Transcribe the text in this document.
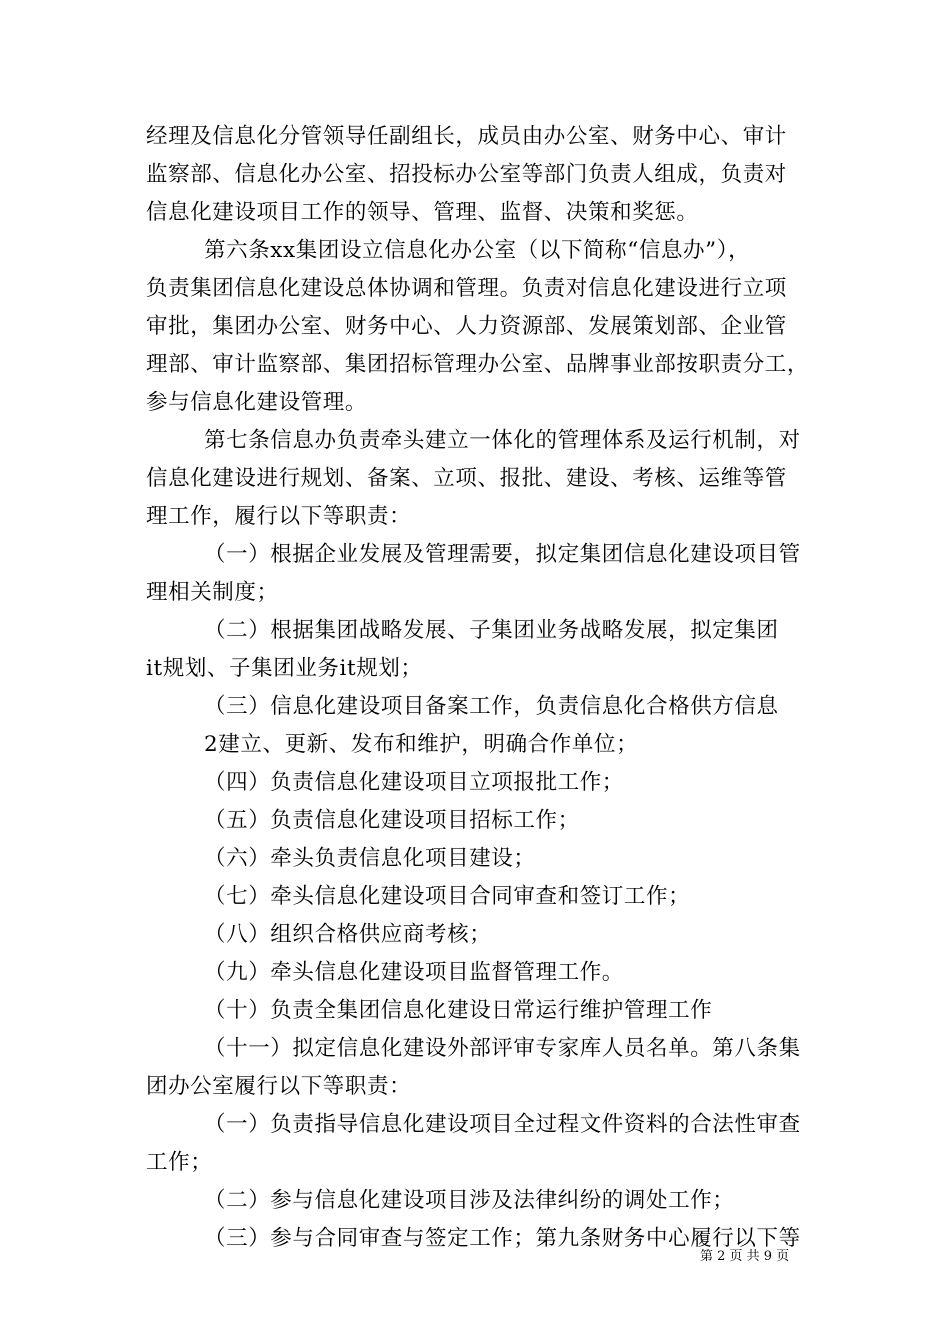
经理及信息化分管领导任副组长，成员由办公室、财务中心、审计
监察部、信息化办公室、招投标办公室等部门负责人组成，负责对
信息化建设项目工作的领导、管理、监督、决策和奖惩。
第六条xx集团设立信息化办公室（以下简称“信息办”），
负责集团信息化建设总体协调和管理。负责对信息化建设进行立项
审批，集团办公室、财务中心、人力资源部、发展策划部、企业管
理部、审计监察部、集团招标管理办公室、品牌事业部按职责分工，
参与信息化建设管理。
第七条信息办负责牵头建立一体化的管理体系及运行机制，对
信息化建设进行规划、备案、立项、报批、建设、考核、运维等管
理工作，履行以下等职责：
（一）根据企业发展及管理需要，拟定集团信息化建设项目管
理相关制度；
（二）根据集团战略发展、子集团业务战略发展，拟定集团
it规划、子集团业务it规划；
（三）信息化建设项目备案工作，负责信息化合格供方信息
2建立、更新、发布和维护，明确合作单位；
（四）负责信息化建设项目立项报批工作；
（五）负责信息化建设项目招标工作；
（六）牵头负责信息化项目建设；
（七）牵头信息化建设项目合同审查和签订工作；
（八）组织合格供应商考核；
（九）牵头信息化建设项目监督管理工作。
（十）负责全集团信息化建设日常运行维护管理工作
（十一）拟定信息化建设外部评审专家库人员名单。第八条集
团办公室履行以下等职责：
（一）负责指导信息化建设项目全过程文件资料的合法性审查
工作；
（二）参与信息化建设项目涉及法律纠纷的调处工作；
（三）参与合同审查与签定工作；第九条财务中心履行以下等
第 2 页 共 9 页
